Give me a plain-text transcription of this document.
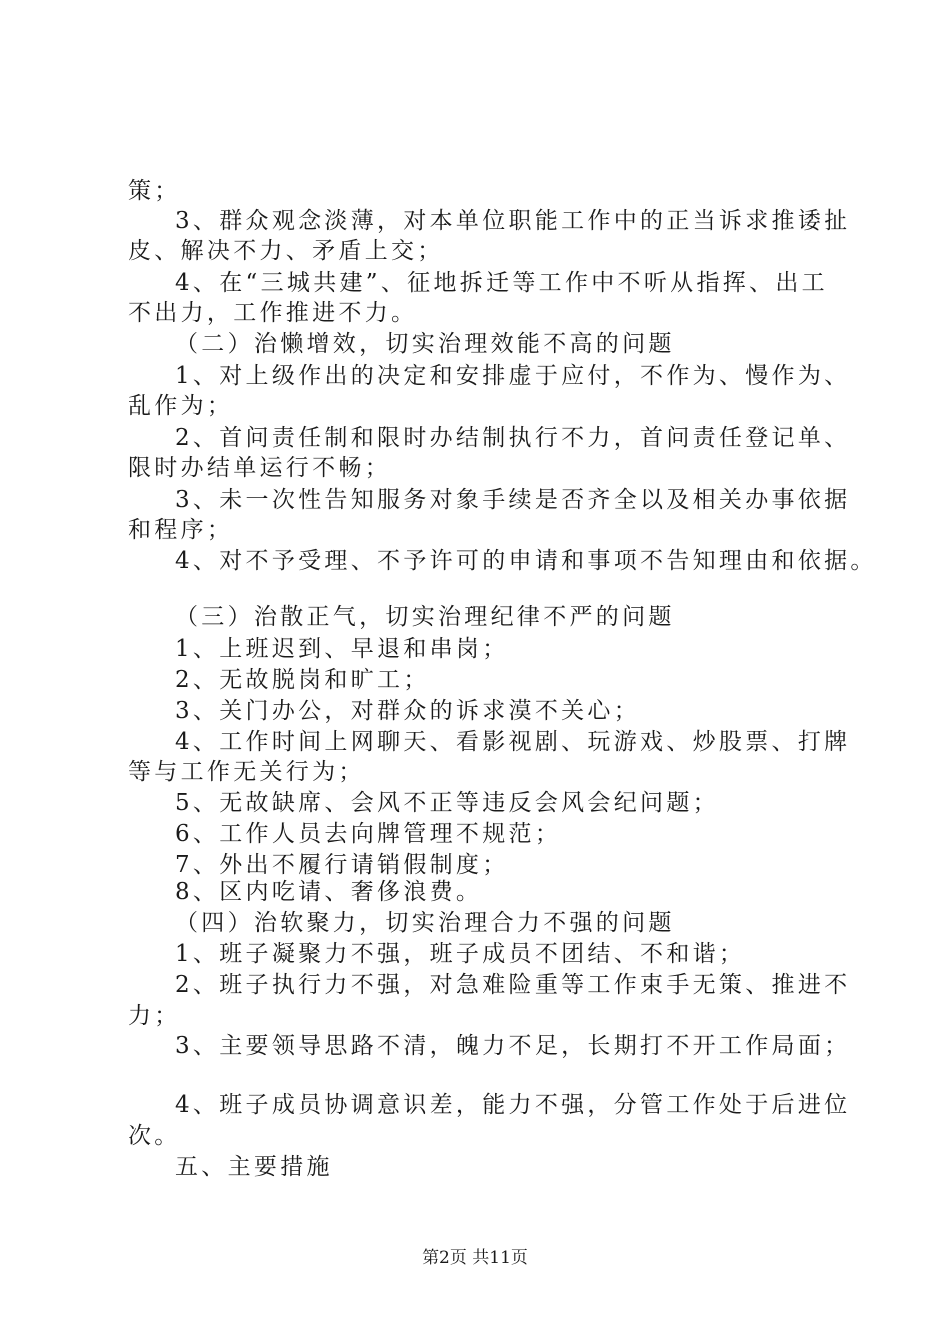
策；
3、群众观念淡薄，对本单位职能工作中的正当诉求推诿扯
皮、解决不力、矛盾上交；
4、在“三城共建”、征地拆迁等工作中不听从指挥、出工
不出力，工作推进不力。
（二）治懒增效，切实治理效能不高的问题
1、对上级作出的决定和安排虚于应付，不作为、慢作为、
乱作为；
2、首问责任制和限时办结制执行不力，首问责任登记单、
限时办结单运行不畅；
3、未一次性告知服务对象手续是否齐全以及相关办事依据
和程序；
4、对不予受理、不予许可的申请和事项不告知理由和依据。
（三）治散正气，切实治理纪律不严的问题
1、上班迟到、早退和串岗；
2、无故脱岗和旷工；
3、关门办公，对群众的诉求漠不关心；
4、工作时间上网聊天、看影视剧、玩游戏、炒股票、打牌
等与工作无关行为；
5、无故缺席、会风不正等违反会风会纪问题；
6、工作人员去向牌管理不规范；
7、外出不履行请销假制度；
8、区内吃请、奢侈浪费。
（四）治软聚力，切实治理合力不强的问题
1、班子凝聚力不强，班子成员不团结、不和谐；
2、班子执行力不强，对急难险重等工作束手无策、推进不
力；
3、主要领导思路不清，魄力不足，长期打不开工作局面；
4、班子成员协调意识差，能力不强，分管工作处于后进位
次。
五、主要措施
第2页 共11页
